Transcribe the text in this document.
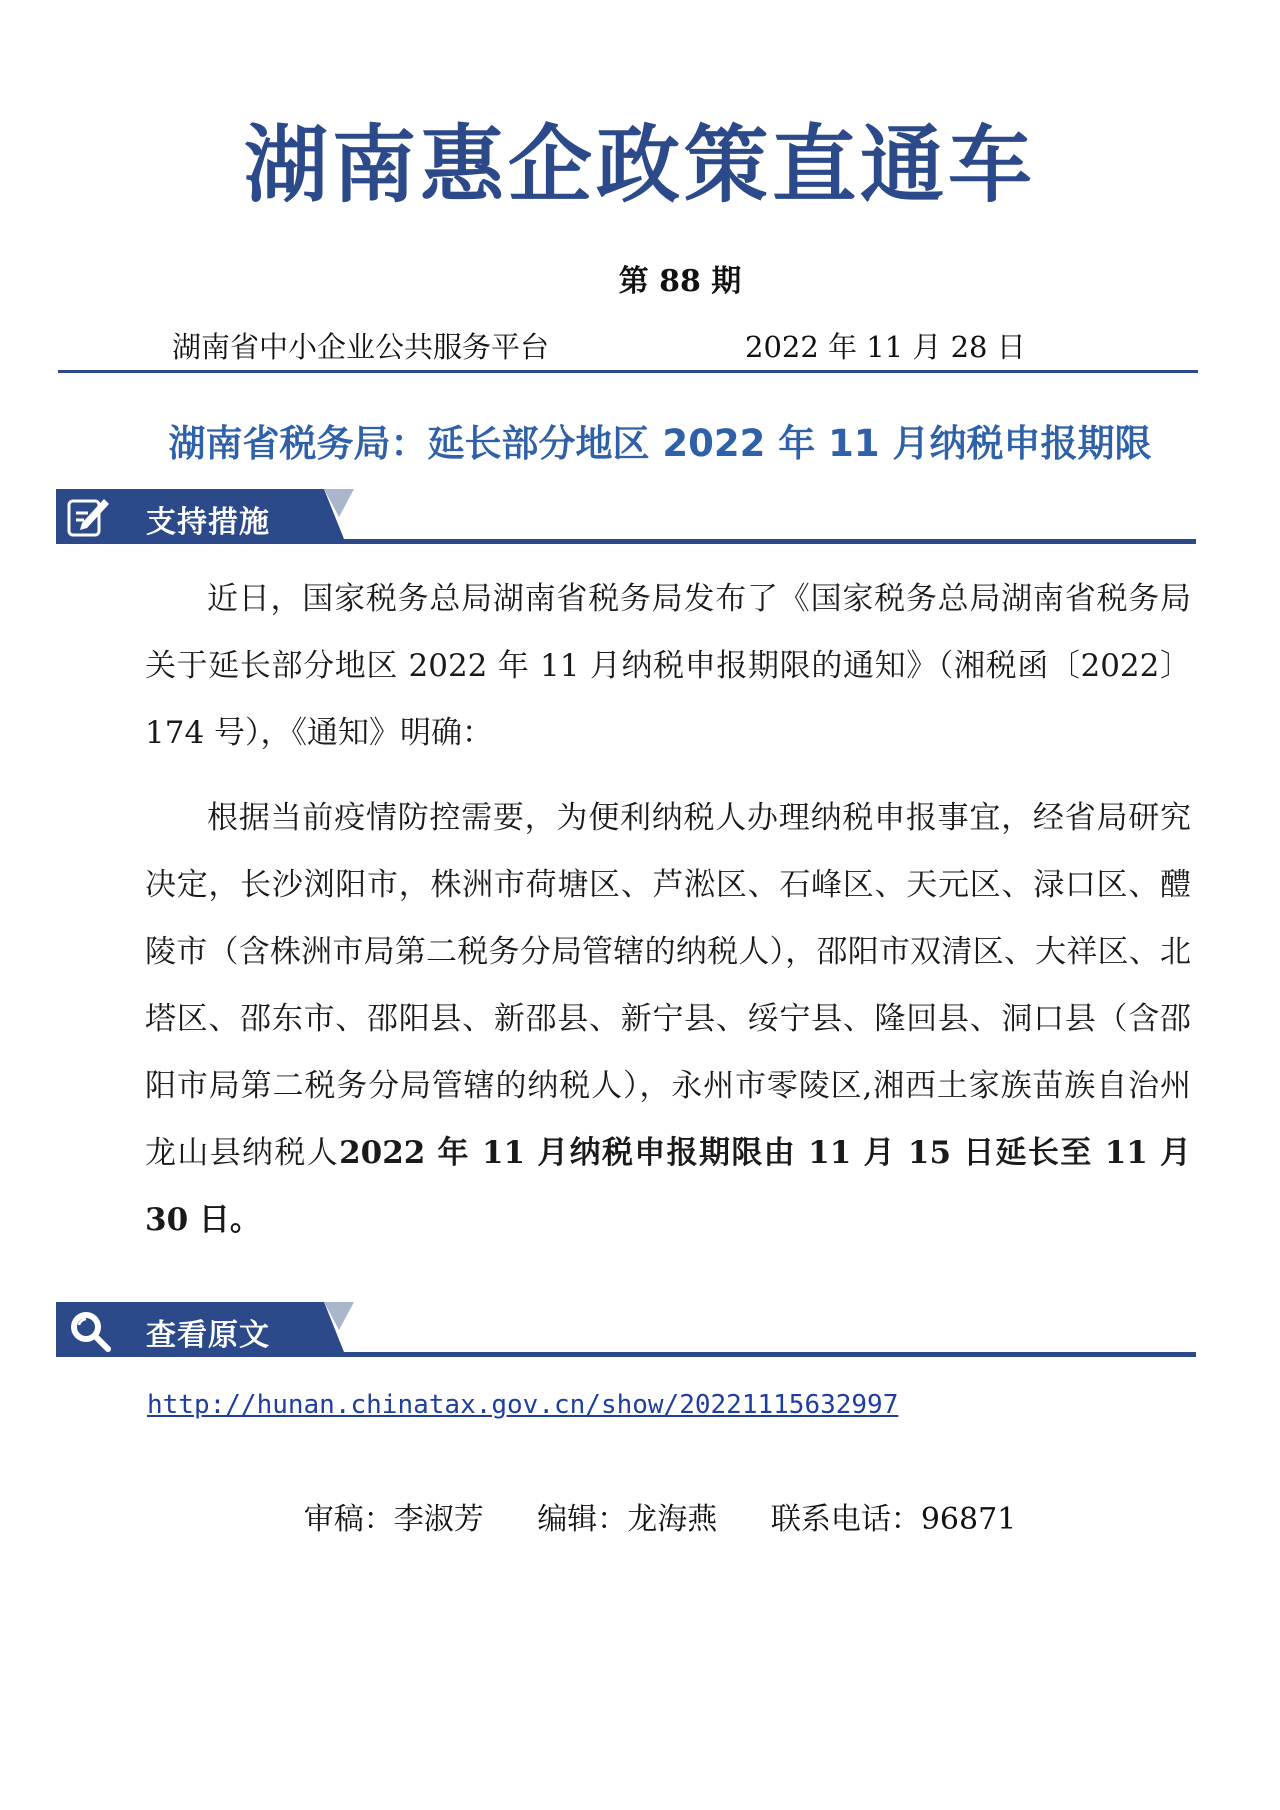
湖南惠企政策直通车
第 88 期
湖南省中小企业公共服务平台	2022 年 11 月 28 日
湖南省税务局：延长部分地区 2022 年 11 月纳税申报期限
支持措施

近日，国家税务总局湖南省税务局发布了《国家税务总局湖南省税务局关于延长部分地区 2022 年 11 月纳税申报期限的通知》（湘税函〔2022〕174 号），《通知》明确：

根据当前疫情防控需要，为便利纳税人办理纳税申报事宜，经省局研究决定，长沙浏阳市，株洲市荷塘区、芦淞区、石峰区、天元区、渌口区、醴陵市（含株洲市局第二税务分局管辖的纳税人），邵阳市双清区、大祥区、北塔区、邵东市、邵阳县、新邵县、新宁县、绥宁县、隆回县、洞口县（含邵阳市局第二税务分局管辖的纳税人），永州市零陵区,湘西土家族苗族自治州龙山县纳税人2022 年 11 月纳税申报期限由 11 月 15 日延长至 11 月 30 日。

查看原文
http://hunan.chinatax.gov.cn/show/20221115632997
审稿：李淑芳 编辑：龙海燕 联系电话：96871
